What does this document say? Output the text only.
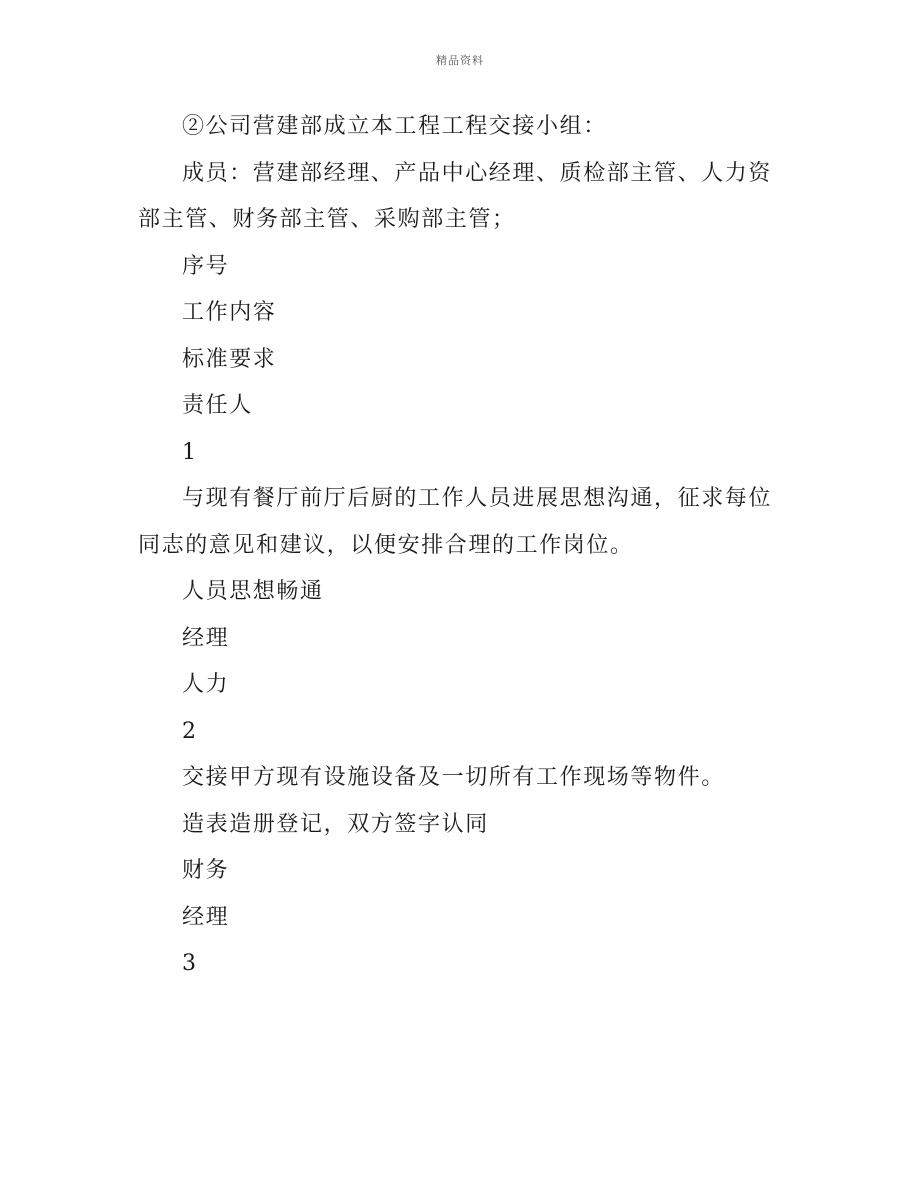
精品资料

②公司营建部成立本工程工程交接小组：

成员：营建部经理、产品中心经理、质检部主管、人力资部主管、财务部主管、采购部主管；

序号

工作内容

标准要求

责任人

1

与现有餐厅前厅后厨的工作人员进展思想沟通，征求每位同志的意见和建议，以便安排合理的工作岗位。

人员思想畅通

经理

人力

2

交接甲方现有设施设备及一切所有工作现场等物件。

造表造册登记，双方签字认同

财务

经理

3
